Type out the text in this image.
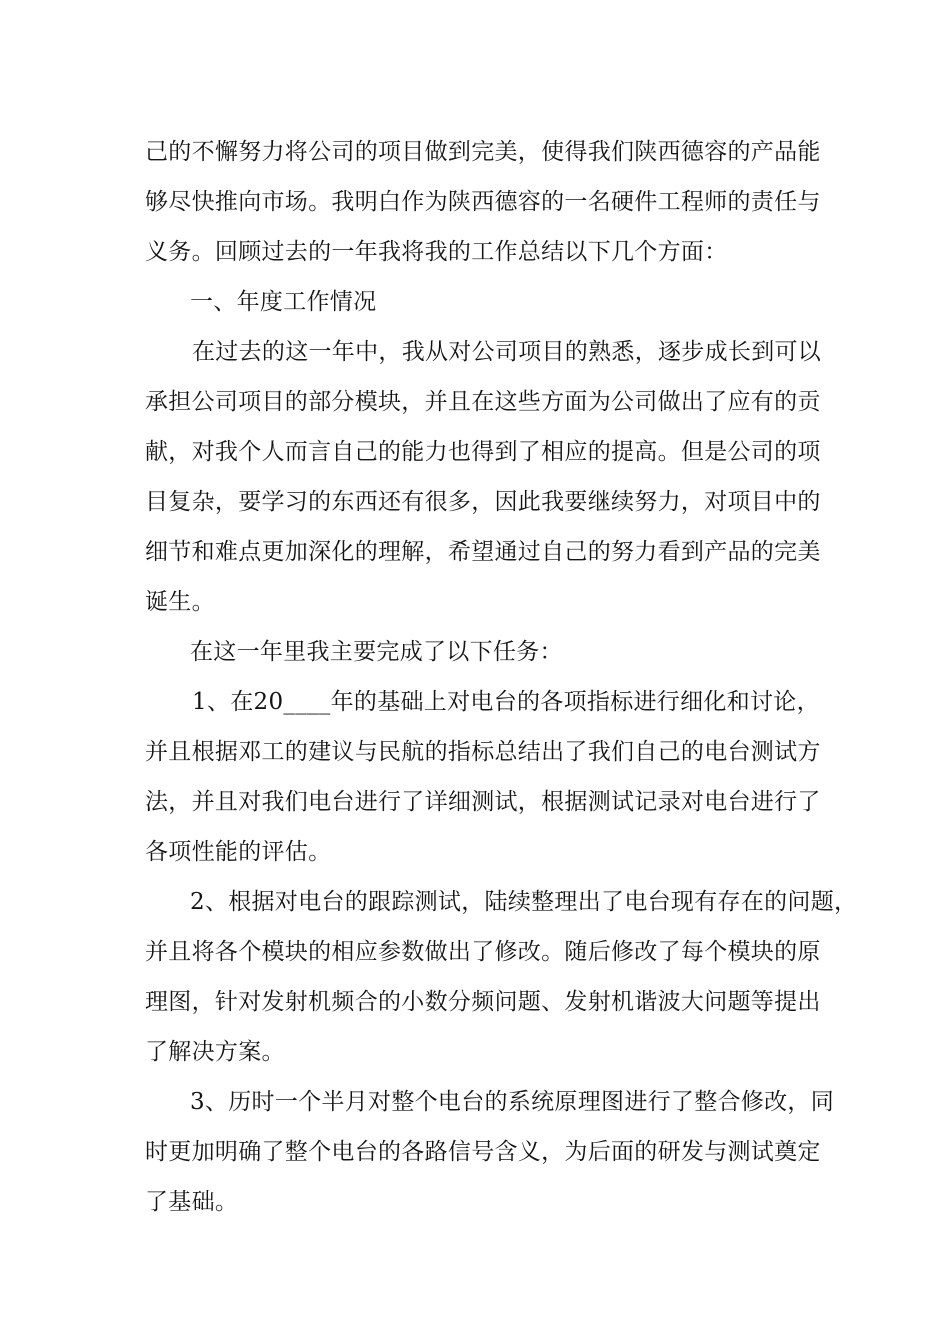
己的不懈努力将公司的项目做到完美，使得我们陕西德容的产品能
够尽快推向市场。我明白作为陕西德容的一名硬件工程师的责任与
义务。回顾过去的一年我将我的工作总结以下几个方面：
一、年度工作情况
在过去的这一年中，我从对公司项目的熟悉，逐步成长到可以
承担公司项目的部分模块，并且在这些方面为公司做出了应有的贡
献，对我个人而言自己的能力也得到了相应的提高。但是公司的项
目复杂，要学习的东西还有很多，因此我要继续努力，对项目中的
细节和难点更加深化的理解，希望通过自己的努力看到产品的完美
诞生。
在这一年里我主要完成了以下任务：
1、在20____年的基础上对电台的各项指标进行细化和讨论，
并且根据邓工的建议与民航的指标总结出了我们自己的电台测试方
法，并且对我们电台进行了详细测试，根据测试记录对电台进行了
各项性能的评估。
2、根据对电台的跟踪测试，陆续整理出了电台现有存在的问题，
并且将各个模块的相应参数做出了修改。随后修改了每个模块的原
理图，针对发射机频合的小数分频问题、发射机谐波大问题等提出
了解决方案。
3、历时一个半月对整个电台的系统原理图进行了整合修改，同
时更加明确了整个电台的各路信号含义，为后面的研发与测试奠定
了基础。
